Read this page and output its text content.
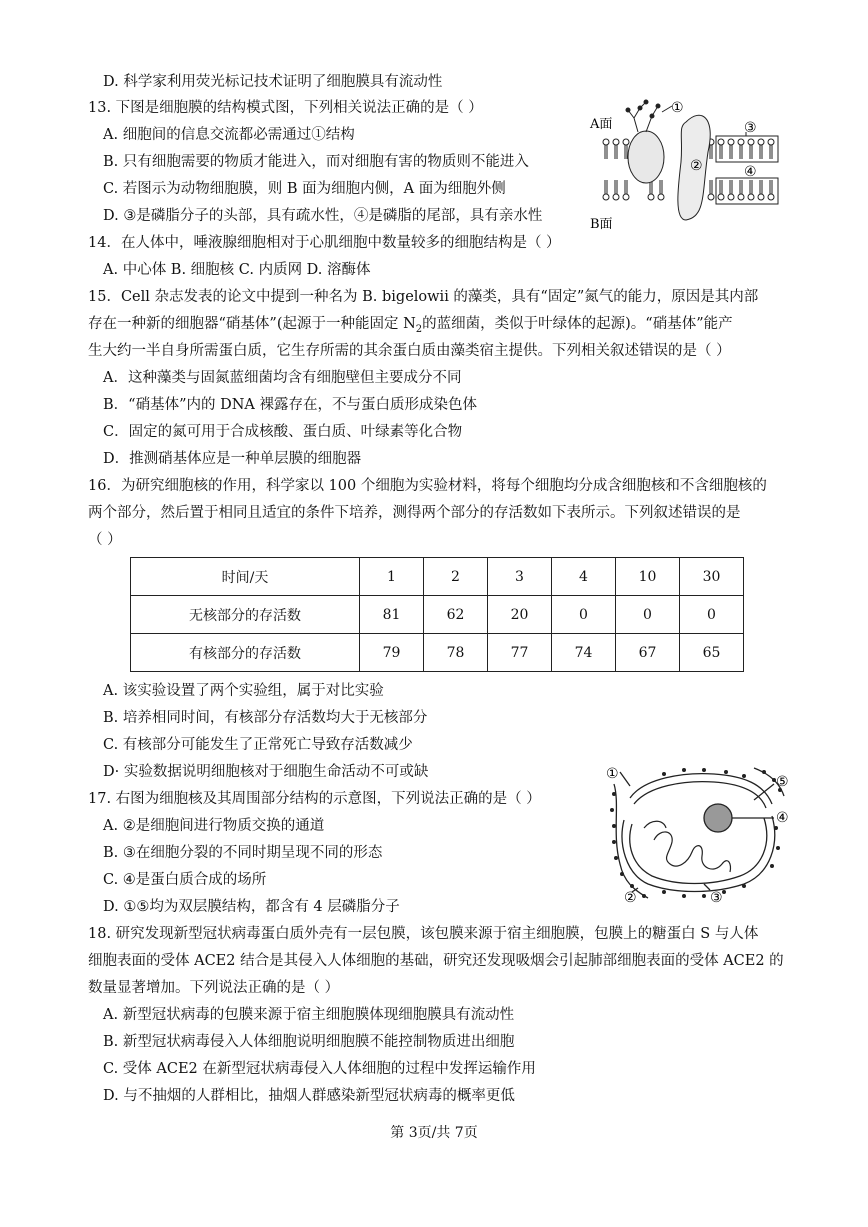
D. 科学家利用荧光标记技术证明了细胞膜具有流动性
13. 下图是细胞膜的结构模式图，下列相关说法正确的是（ ）
A. 细胞间的信息交流都必需通过①结构
B. 只有细胞需要的物质才能进入，而对细胞有害的物质则不能进入
C. 若图示为动物细胞膜，则 B 面为细胞内侧，A 面为细胞外侧
D. ③是磷脂分子的头部，具有疏水性，④是磷脂的尾部，具有亲水性
A面
B面
①
②
③
④
14．在人体中，唾液腺细胞相对于心肌细胞中数量较多的细胞结构是（ ）
A. 中心体 B. 细胞核 C. 内质网 D. 溶酶体
15．Cell 杂志发表的论文中提到一种名为 B. bigelowii 的藻类，具有“固定”氮气的能力，原因是其内部
存在一种新的细胞器“硝基体”(起源于一种能固定 $N_2$的蓝细菌，类似于叶绿体的起源)。“硝基体”能产
生大约一半自身所需蛋白质，它生存所需的其余蛋白质由藻类宿主提供。下列相关叙述错误的是（ ）
A．这种藻类与固氮蓝细菌均含有细胞壁但主要成分不同
B．“硝基体”内的 DNA 裸露存在，不与蛋白质形成染色体
C．固定的氮可用于合成核酸、蛋白质、叶绿素等化合物
D．推测硝基体应是一种单层膜的细胞器
16．为研究细胞核的作用，科学家以 100 个细胞为实验材料，将每个细胞均分成含细胞核和不含细胞核的
两个部分，然后置于相同且适宜的条件下培养，测得两个部分的存活数如下表所示。下列叙述错误的是
（ ）
时间/天	1	2	3	4	10	30
无核部分的存活数	81	62	20	0	0	0
有核部分的存活数	79	78	77	74	67	65
A. 该实验设置了两个实验组，属于对比实验
B. 培养相同时间，有核部分存活数均大于无核部分
C. 有核部分可能发生了正常死亡导致存活数减少
D· 实验数据说明细胞核对于细胞生命活动不可或缺
17. 右图为细胞核及其周围部分结构的示意图，下列说法正确的是（ ）
A. ②是细胞间进行物质交换的通道
B. ③在细胞分裂的不同时期呈现不同的形态
C. ④是蛋白质合成的场所
D. ①⑤均为双层膜结构，都含有 4 层磷脂分子
①
②	③
④
⑤
18. 研究发现新型冠状病毒蛋白质外壳有一层包膜，该包膜来源于宿主细胞膜，包膜上的糖蛋白 S 与人体
细胞表面的受体 ACE2 结合是其侵入人体细胞的基础，研究还发现吸烟会引起肺部细胞表面的受体 ACE2 的
数量显著增加。下列说法正确的是（ ）
A. 新型冠状病毒的包膜来源于宿主细胞膜体现细胞膜具有流动性
B. 新型冠状病毒侵入人体细胞说明细胞膜不能控制物质进出细胞
C. 受体 ACE2 在新型冠状病毒侵入人体细胞的过程中发挥运输作用
D. 与不抽烟的人群相比，抽烟人群感染新型冠状病毒的概率更低
第 3页/共 7页
